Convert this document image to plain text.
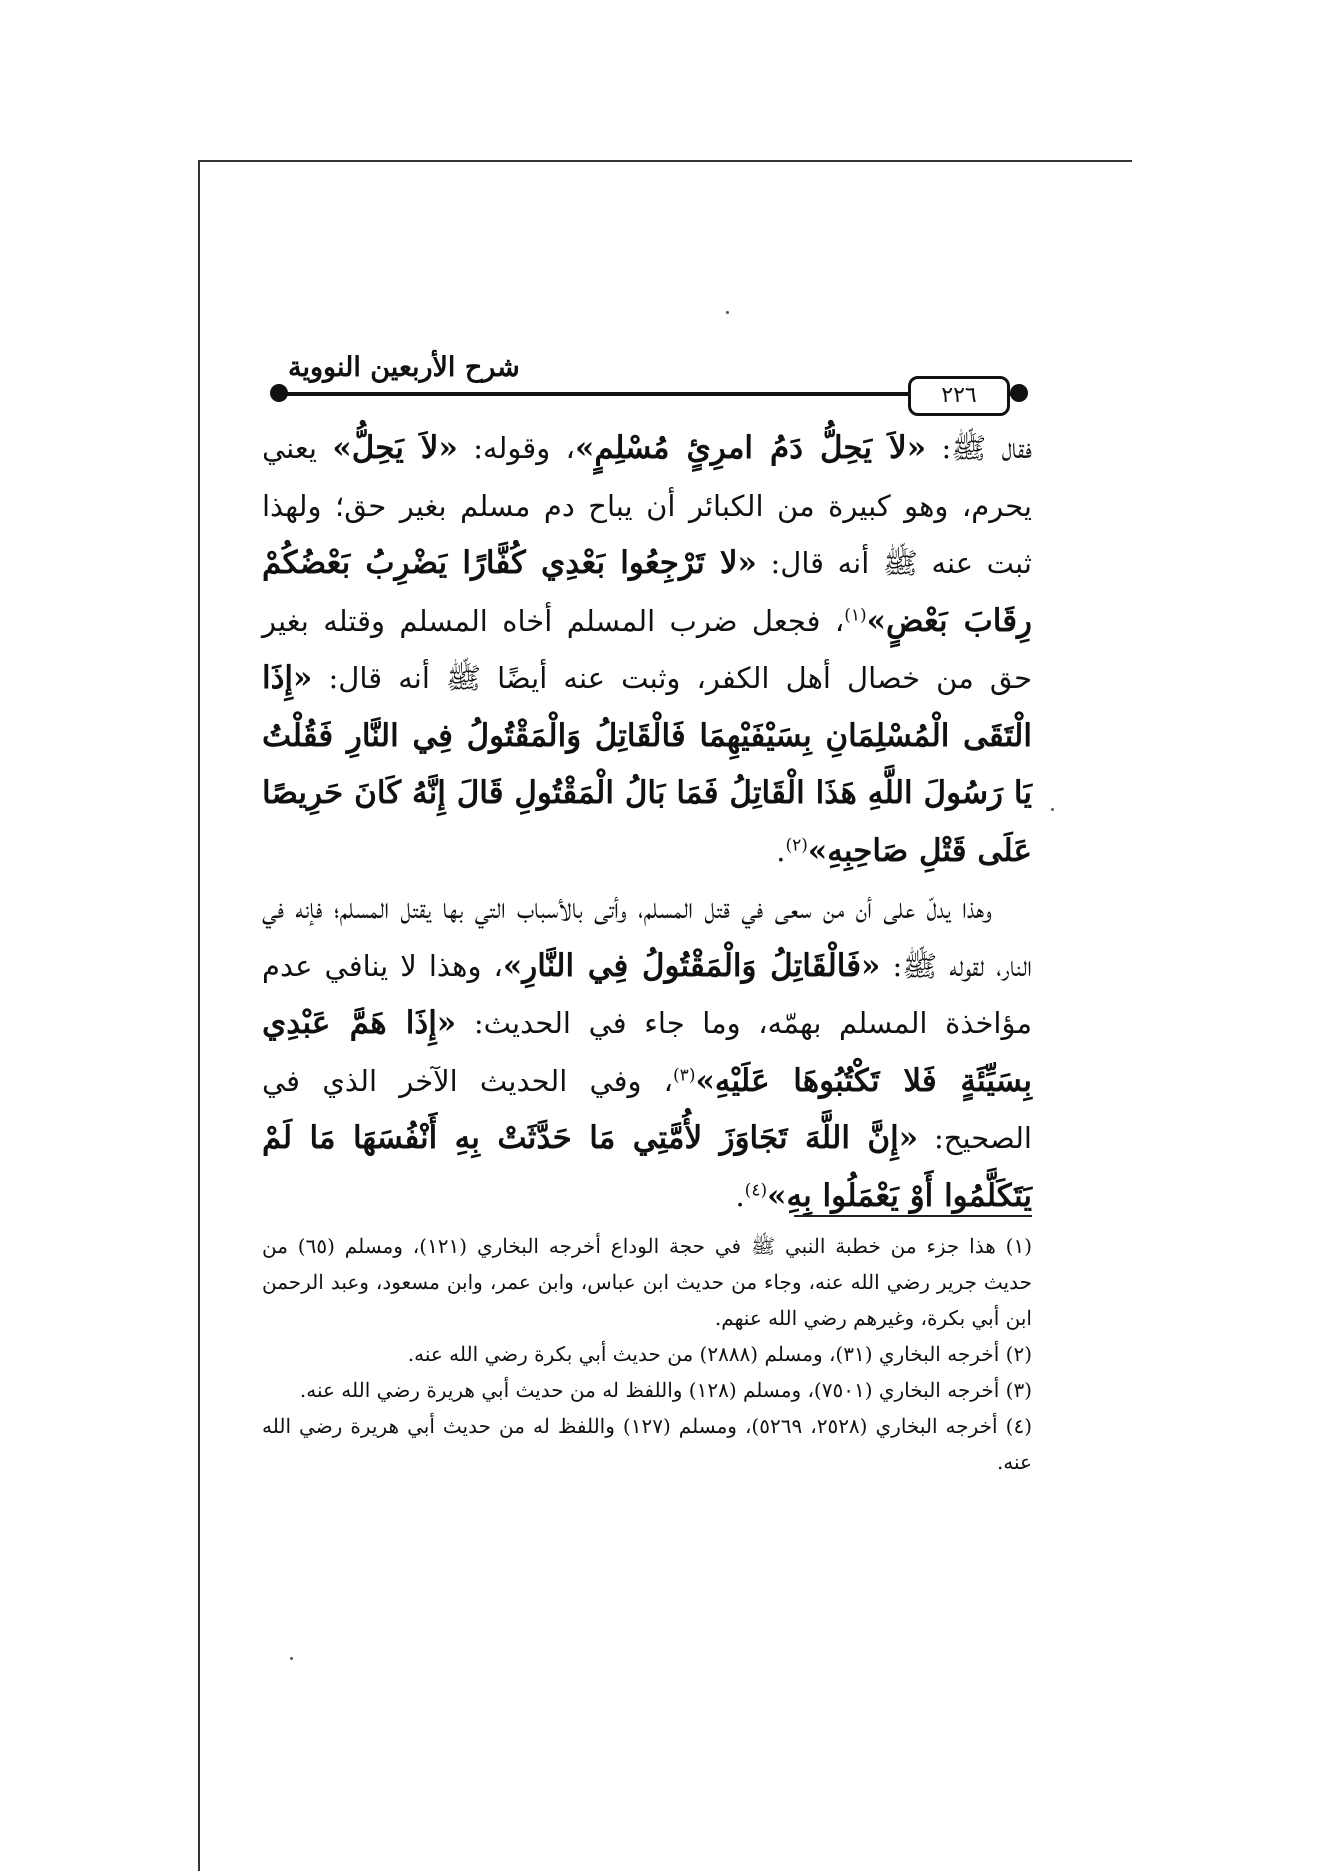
شرح الأربعين النووية
٢٢٦

فقال ﷺ: «لاَ يَحِلُّ دَمُ امرِئٍ مُسْلِمٍ»، وقوله: «لاَ يَحِلُّ» يعني يحرم، وهو كبيرة من الكبائر أن يباح دم مسلم بغير حق؛ ولهذا ثبت عنه ﷺ أنه قال: «لا تَرْجِعُوا بَعْدِي كُفَّارًا يَضْرِبُ بَعْضُكُمْ رِقَابَ بَعْضٍ»$^{(١)}$، فجعل ضرب المسلم أخاه المسلم وقتله بغير حق من خصال أهل الكفر، وثبت عنه أيضًا ﷺ أنه قال: «إِذَا الْتَقَى الْمُسْلِمَانِ بِسَيْفَيْهِمَا فَالْقَاتِلُ وَالْمَقْتُولُ فِي النَّارِ فَقُلْتُ يَا رَسُولَ اللَّهِ هَذَا الْقَاتِلُ فَمَا بَالُ الْمَقْتُولِ قَالَ إِنَّهُ كَانَ حَرِيصًا عَلَى قَتْلِ صَاحِبِهِ»$^{(٢)}$.

وهذا يدلّ على أن من سعى في قتل المسلم، وأتى بالأسباب التي بها يقتل المسلم؛ فإنه في النار، لقوله ﷺ: «فَالْقَاتِلُ وَالْمَقْتُولُ فِي النَّارِ»، وهذا لا ينافي عدم مؤاخذة المسلم بهمّه، وما جاء في الحديث: «إِذَا هَمَّ عَبْدِي بِسَيِّئَةٍ فَلا تَكْتُبُوهَا عَلَيْهِ»$^{(٣)}$، وفي الحديث الآخر الذي في الصحيح: «إِنَّ اللَّهَ تَجَاوَزَ لأُمَّتِي مَا حَدَّثَتْ بِهِ أَنْفُسَهَا مَا لَمْ يَتَكَلَّمُوا أَوْ يَعْمَلُوا بِهِ»$^{(٤)}$.

(١) هذا جزء من خطبة النبي ﷺ في حجة الوداع أخرجه البخاري (١٢١)، ومسلم (٦٥) من حديث جرير رضي الله عنه، وجاء من حديث ابن عباس، وابن عمر، وابن مسعود، وعبد الرحمن ابن أبي بكرة، وغيرهم رضي الله عنهم.

(٢) أخرجه البخاري (٣١)، ومسلم (٢٨٨٨) من حديث أبي بكرة رضي الله عنه.

(٣) أخرجه البخاري (٧٥٠١)، ومسلم (١٢٨) واللفظ له من حديث أبي هريرة رضي الله عنه.

(٤) أخرجه البخاري (٢٥٢٨، ٥٢٦٩)، ومسلم (١٢٧) واللفظ له من حديث أبي هريرة رضي الله عنه.
